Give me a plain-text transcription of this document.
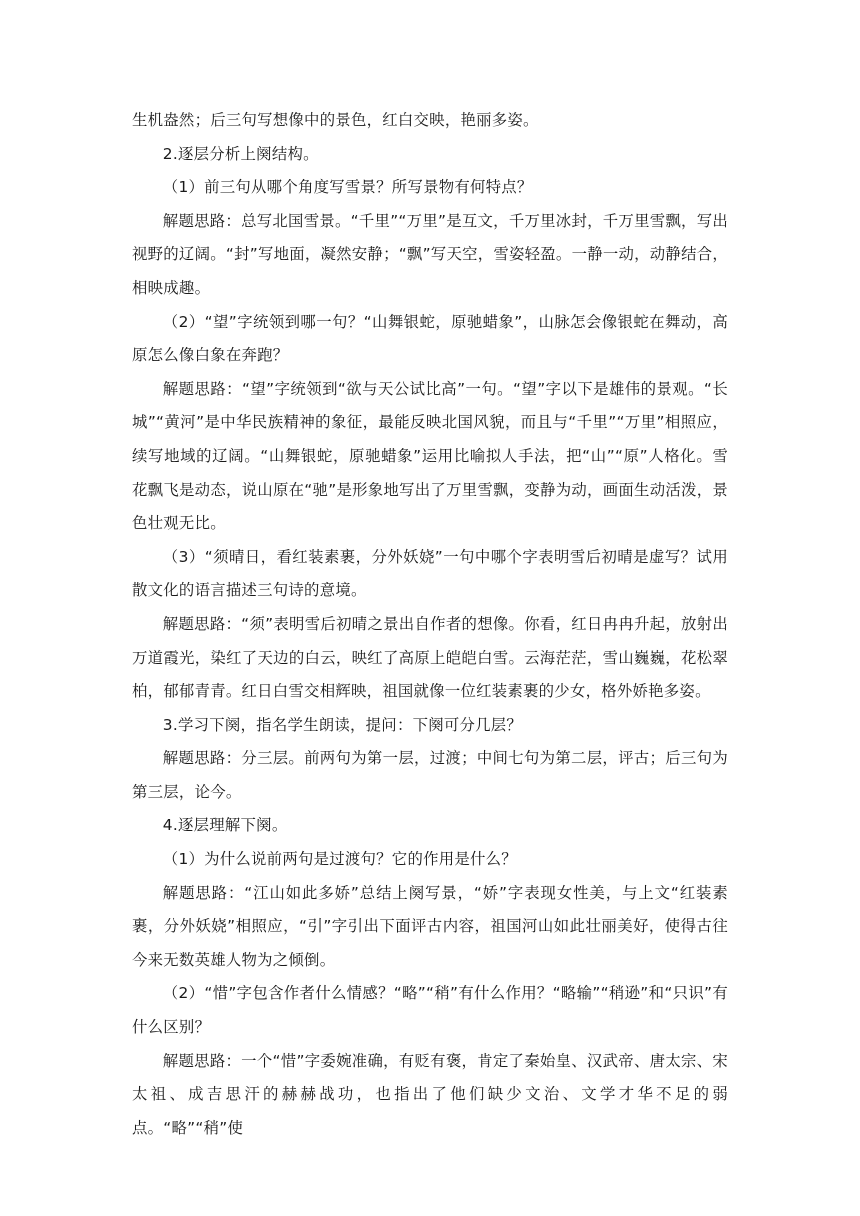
生机盎然；后三句写想像中的景色，红白交映，艳丽多姿。

2.逐层分析上阕结构。

（1）前三句从哪个角度写雪景？所写景物有何特点？

解题思路：总写北国雪景。“千里”“万里”是互文，千万里冰封，千万里雪飘，写出视野的辽阔。“封”写地面，凝然安静；“飘”写天空，雪姿轻盈。一静一动，动静结合，相映成趣。

（2）“望”字统领到哪一句？“山舞银蛇，原驰蜡象”，山脉怎会像银蛇在舞动，高原怎么像白象在奔跑？

解题思路：“望”字统领到“欲与天公试比高”一句。“望”字以下是雄伟的景观。“长城”“黄河”是中华民族精神的象征，最能反映北国风貌，而且与“千里”“万里”相照应，续写地域的辽阔。“山舞银蛇，原驰蜡象”运用比喻拟人手法，把“山”“原”人格化。雪花飘飞是动态，说山原在“驰”是形象地写出了万里雪飘，变静为动，画面生动活泼，景色壮观无比。

（3）“须晴日，看红装素裹，分外妖娆”一句中哪个字表明雪后初晴是虚写？试用散文化的语言描述三句诗的意境。

解题思路：“须”表明雪后初晴之景出自作者的想像。你看，红日冉冉升起，放射出万道霞光，染红了天边的白云，映红了高原上皑皑白雪。云海茫茫，雪山巍巍，花松翠柏，郁郁青青。红日白雪交相辉映，祖国就像一位红装素裹的少女，格外娇艳多姿。

3.学习下阕，指名学生朗读，提问：下阕可分几层？

解题思路：分三层。前两句为第一层，过渡；中间七句为第二层，评古；后三句为第三层，论今。

4.逐层理解下阕。

（1）为什么说前两句是过渡句？它的作用是什么？

解题思路：“江山如此多娇”总结上阕写景，“娇”字表现女性美，与上文“红装素裹，分外妖娆”相照应，“引”字引出下面评古内容，祖国河山如此壮丽美好，使得古往今来无数英雄人物为之倾倒。

（2）“惜”字包含作者什么情感？“略”“稍”有什么作用？“略输”“稍逊”和“只识”有什么区别？

解题思路：一个“惜”字委婉准确，有贬有褒，肯定了秦始皇、汉武帝、唐太宗、宋太祖、成吉思汗的赫赫战功，也指出了他们缺少文治、文学才华不足的弱点。“略”“稍”使
